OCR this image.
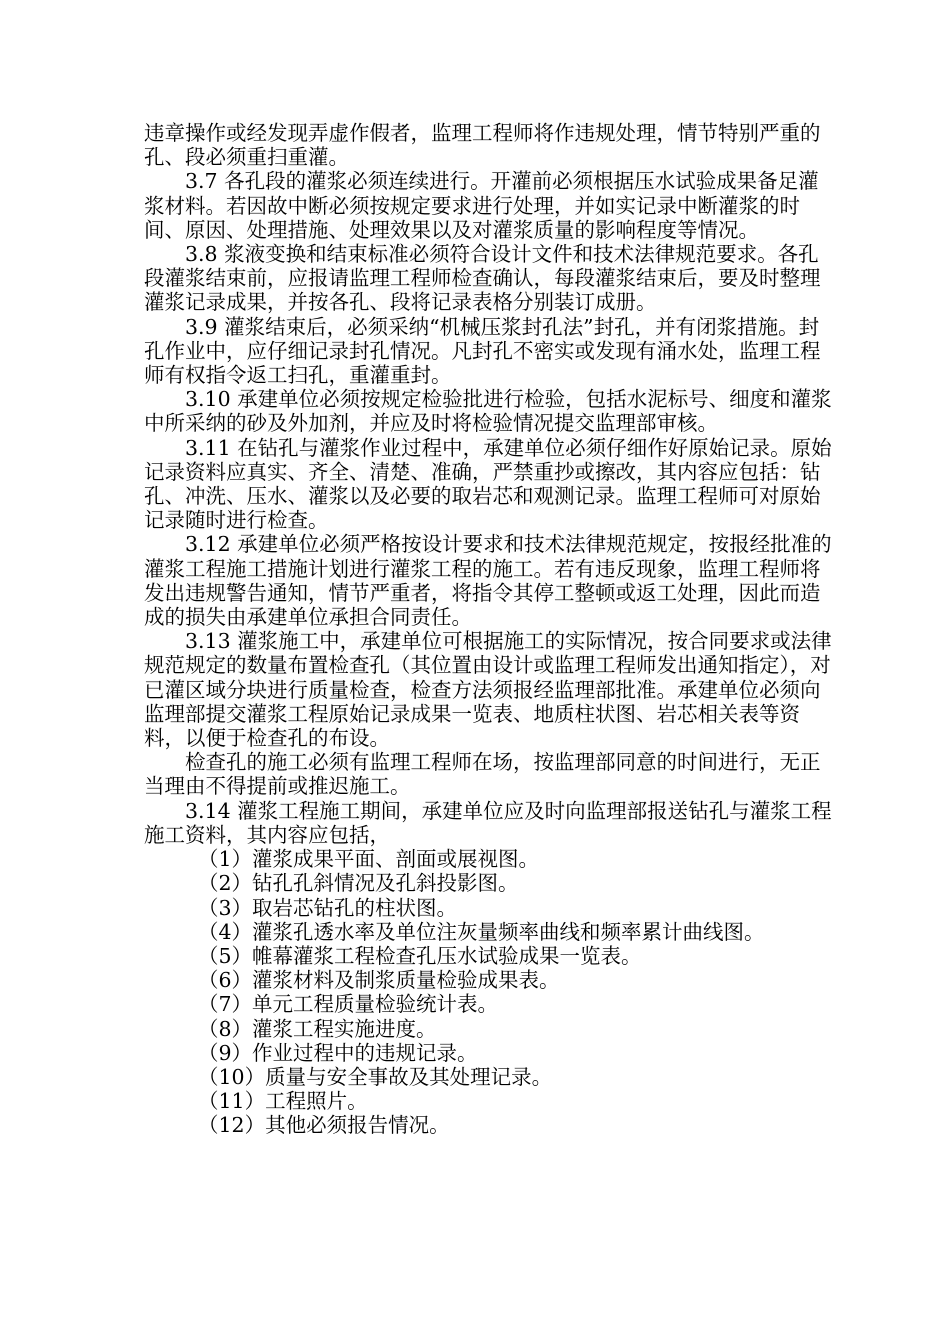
违章操作或经发现弄虚作假者，监理工程师将作违规处理，情节特别严重的孔、段必须重扫重灌。

3.7 各孔段的灌浆必须连续进行。开灌前必须根据压水试验成果备足灌浆材料。若因故中断必须按规定要求进行处理，并如实记录中断灌浆的时间、原因、处理措施、处理效果以及对灌浆质量的影响程度等情况。

3.8 浆液变换和结束标准必须符合设计文件和技术法律规范要求。各孔段灌浆结束前，应报请监理工程师检查确认，每段灌浆结束后，要及时整理灌浆记录成果，并按各孔、段将记录表格分别装订成册。

3.9 灌浆结束后，必须采纳“机械压浆封孔法”封孔，并有闭浆措施。封孔作业中，应仔细记录封孔情况。凡封孔不密实或发现有涌水处，监理工程师有权指令返工扫孔，重灌重封。

3.10 承建单位必须按规定检验批进行检验，包括水泥标号、细度和灌浆中所采纳的砂及外加剂，并应及时将检验情况提交监理部审核。

3.11 在钻孔与灌浆作业过程中，承建单位必须仔细作好原始记录。原始记录资料应真实、齐全、清楚、准确，严禁重抄或擦改，其内容应包括：钻孔、冲洗、压水、灌浆以及必要的取岩芯和观测记录。监理工程师可对原始记录随时进行检查。

3.12 承建单位必须严格按设计要求和技术法律规范规定，按报经批准的灌浆工程施工措施计划进行灌浆工程的施工。若有违反现象，监理工程师将发出违规警告通知，情节严重者，将指令其停工整顿或返工处理，因此而造成的损失由承建单位承担合同责任。

3.13 灌浆施工中，承建单位可根据施工的实际情况，按合同要求或法律规范规定的数量布置检查孔（其位置由设计或监理工程师发出通知指定），对已灌区域分块进行质量检查，检查方法须报经监理部批准。承建单位必须向监理部提交灌浆工程原始记录成果一览表、地质柱状图、岩芯相关表等资料，以便于检查孔的布设。

检查孔的施工必须有监理工程师在场，按监理部同意的时间进行，无正当理由不得提前或推迟施工。

3.14 灌浆工程施工期间，承建单位应及时向监理部报送钻孔与灌浆工程施工资料，其内容应包括，

（1）灌浆成果平面、剖面或展视图。

（2）钻孔孔斜情况及孔斜投影图。

（3）取岩芯钻孔的柱状图。

（4）灌浆孔透水率及单位注灰量频率曲线和频率累计曲线图。

（5）帷幕灌浆工程检查孔压水试验成果一览表。

（6）灌浆材料及制浆质量检验成果表。

（7）单元工程质量检验统计表。

（8）灌浆工程实施进度。

（9）作业过程中的违规记录。

（10）质量与安全事故及其处理记录。

（11）工程照片。

（12）其他必须报告情况。
